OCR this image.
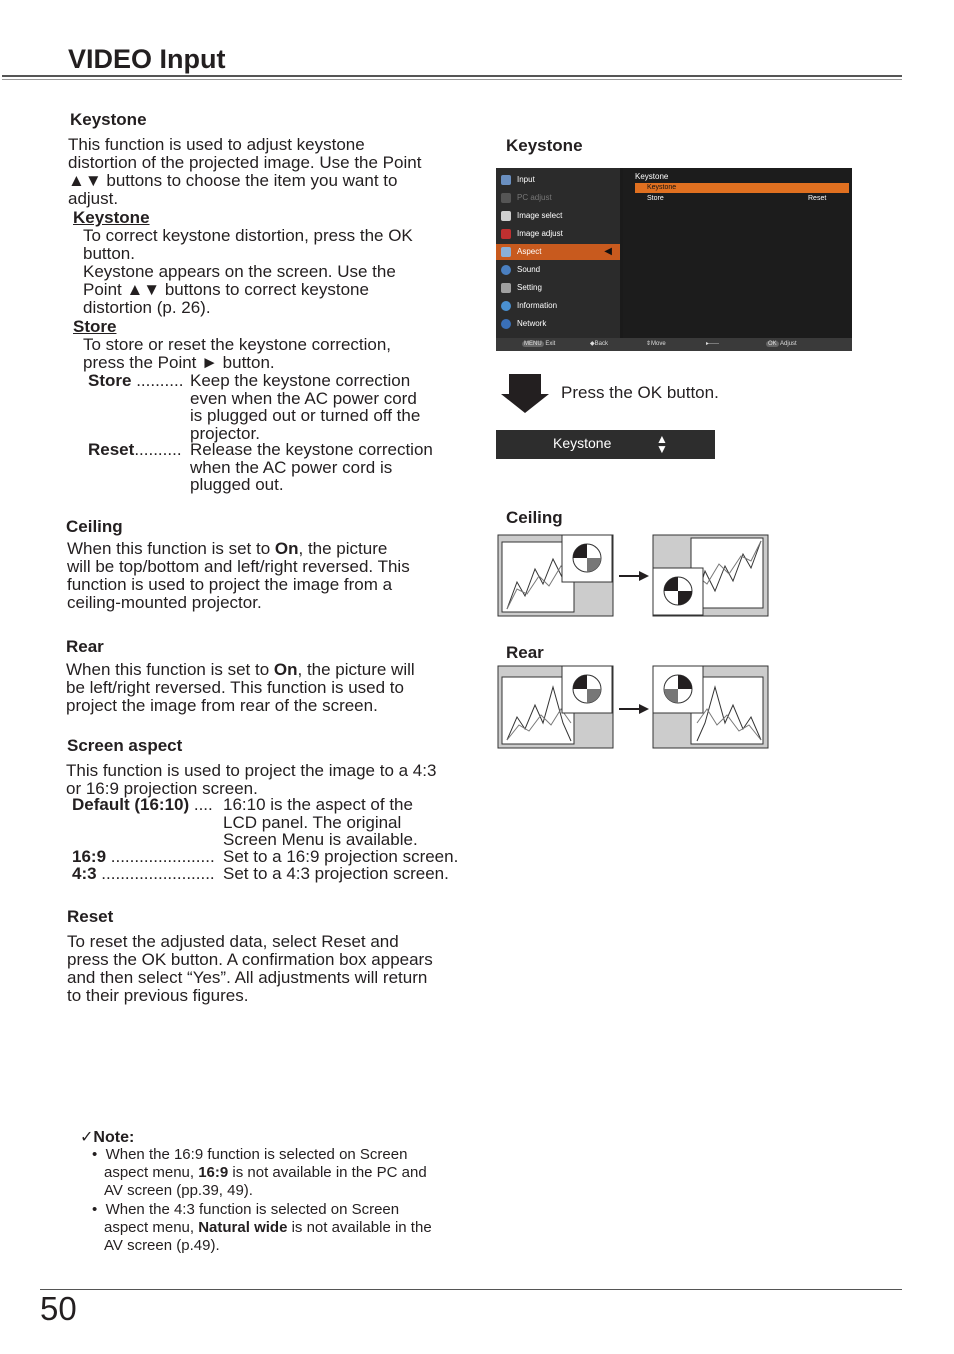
VIDEO Input
Keystone
This function is used to adjust keystone
distortion of the projected image. Use the Point
▲▼ buttons to choose the item you want to
adjust.
Keystone
To correct keystone distortion, press the OK
button.
Keystone appears on the screen. Use the
Point ▲▼ buttons to correct keystone
distortion (p. 26).
Store
To store or reset the keystone correction,
press the Point ► button.
Store .......... Keep the keystone correction
even when the AC power cord
is plugged out or turned off the
projector.
Reset.......... Release the keystone correction
when the AC power cord is
plugged out.
Ceiling
When this function is set to On, the picture
will be top/bottom and left/right reversed. This
function is used to project the image from a
ceiling-mounted projector.
Rear
When this function is set to On, the picture will
be left/right reversed. This function is used to
project the image from rear of the screen.
Screen aspect
This function is used to project the image to a 4:3
or 16:9 projection screen.
Default (16:10) .... 16:10 is the aspect of the
LCD panel. The original
Screen Menu is available.
16:9 ...................... Set to a 16:9 projection screen.
4:3 ........................ Set to a 4:3 projection screen.
Reset
To reset the adjusted data, select Reset and
press the OK button. A confirmation box appears
and then select “Yes”. All adjustments will return
to their previous figures.
✓Note:
•  When the 16:9 function is selected on Screen
aspect menu, 16:9 is not available in the PC and
AV screen (pp.39, 49).
•  When the 4:3 function is selected on Screen
aspect menu, Natural wide is not available in the
AV screen (p.49).
Keystone
Input
PC adjust
Image select
Image adjust
Aspect	◀
Sound
Setting
Information
Network
Keystone
Keystone
Store	Reset
MENU Exit	◆Back	⇕Move	▸-----	OK Adjust
Press the OK button.
Keystone	▲
▼
Ceiling
Rear
50
